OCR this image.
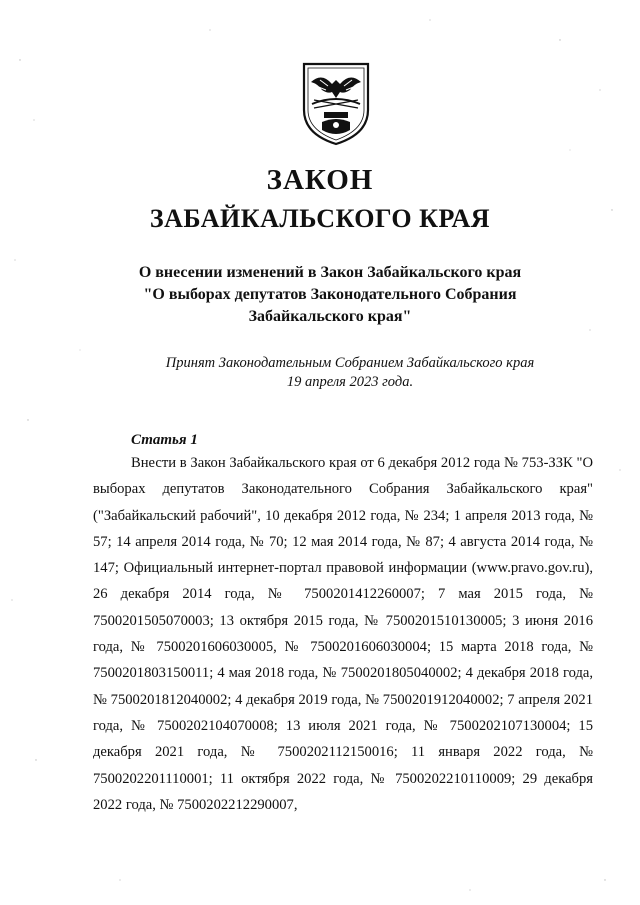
ЗАКОН
ЗАБАЙКАЛЬСКОГО КРАЯ
О внесении изменений в Закон Забайкальского края
"О выборах депутатов Законодательного Собрания
Забайкальского края"
Принят Законодательным Собранием Забайкальского края
19 апреля 2023 года.
Статья 1
Внести в Закон Забайкальского края от 6 декабря 2012 года № 753-ЗЗК "О выборах депутатов Законодательного Собрания Забайкальского края" ("Забайкальский рабочий", 10 декабря 2012 года, № 234; 1 апреля 2013 года, № 57; 14 апреля 2014 года, № 70; 12 мая 2014 года, № 87; 4 августа 2014 года, № 147; Официальный интернет-портал правовой информации (www.pravo.gov.ru), 26 декабря 2014 года, № 7500201412260007; 7 мая 2015 года, № 7500201505070003; 13 октября 2015 года, № 7500201510130005; 3 июня 2016 года, № 7500201606030005, № 7500201606030004; 15 марта 2018 года, № 7500201803150011; 4 мая 2018 года, № 7500201805040002; 4 декабря 2018 года, № 7500201812040002; 4 декабря 2019 года, № 7500201912040002; 7 апреля 2021 года, № 7500202104070008; 13 июля 2021 года, № 7500202107130004; 15 декабря 2021 года, № 7500202112150016; 11 января 2022 года, № 7500202201110001; 11 октября 2022 года, № 7500202210110009; 29 декабря 2022 года, № 7500202212290007,
